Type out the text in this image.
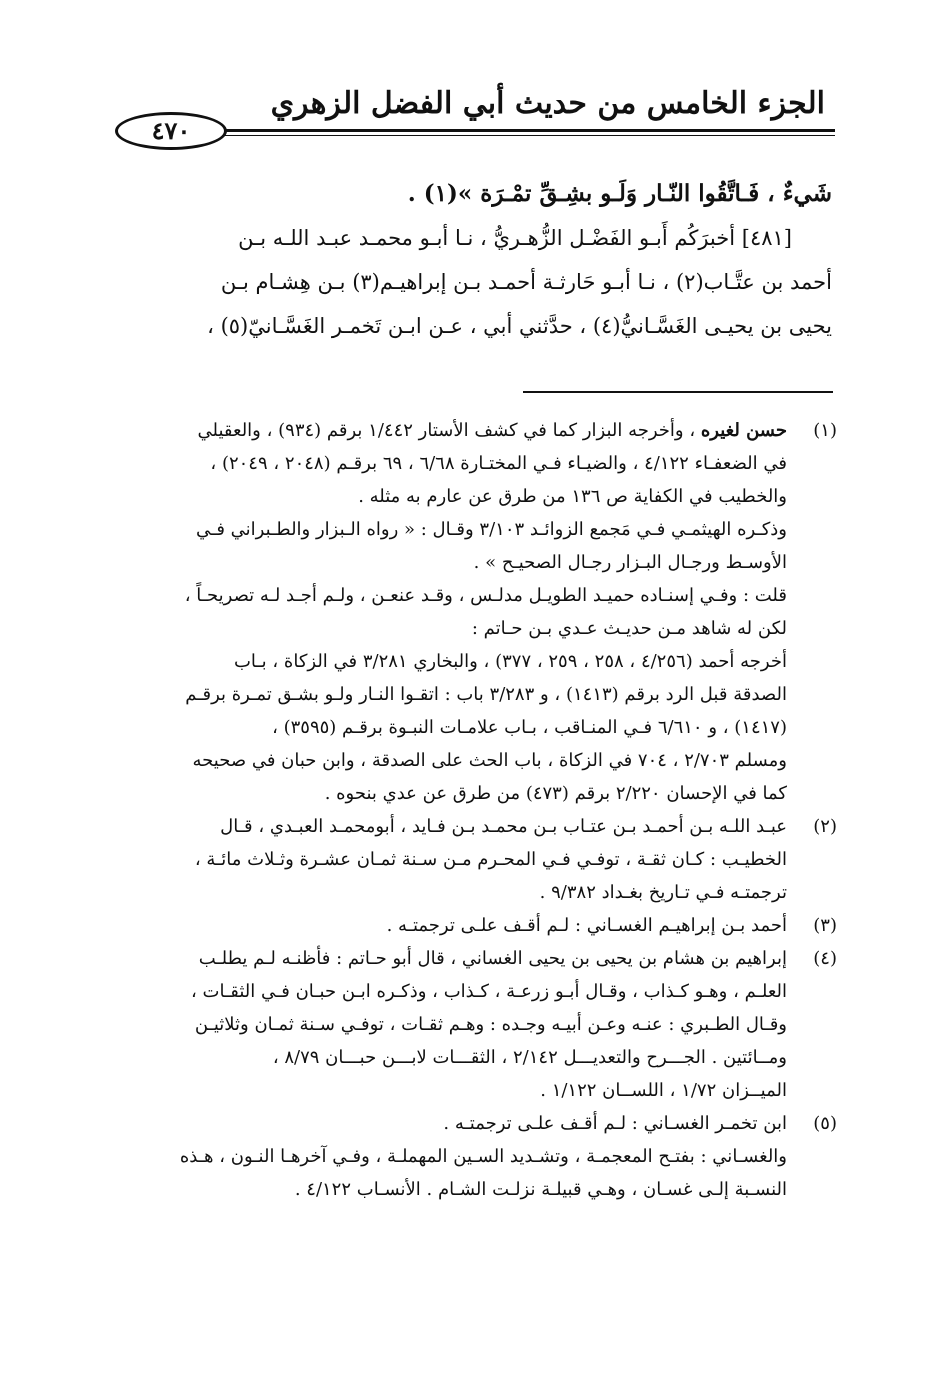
الجزء الخامس من حديث أبي الفضل الزهري
٤٧٠
شَيءٌ ، فَـاتَّقُوا النّـار وَلَـو بشِـقِّ تمْـرَة »(١) .
[٤٨١] أخبرَكُم أَبـو الفَضْـل الزُّهـريُّ ، نـا أبـو محمـد عبـد اللـه بـن
أحمد بن عتَّـاب(٢) ، نـا أبـو حَارثـة أحمـد بـن إبراهيـم(٣) بـن هِشـام بـن
يحيى بن يحيـى الغَسَّـانيُّ(٤) ، حدَّثني أبي ، عـن ابـن تَخمـر الغَسَّـانيّ(٥) ،
(١)
حسن لغيره ، وأخرجه البزار كما في كشف الأستار ١/٤٤٢ برقم (٩٣٤) ، والعقيلي
في الضعفـاء ٤/١٢٢ ، والضيـاء فـي المختـارة ٦/٦٨ ، ٦٩ برقـم (٢٠٤٨ ، ٢٠٤٩) ،
والخطيب في الكفاية ص ١٣٦ من طرق عن عارم به مثله .
وذكـره الهيثمـي فـي مَجمع الزوائـد ٣/١٠٣ وقـال : « رواه الـبزار والطـبراني فـي
الأوسـط ورجـال البـزار رجـال الصحيـح » .
قلت : وفـي إسنـاده حميـد الطويـل مدلـس ، وقـد عنعـن ، ولـم أجـد لـه تصريحـاً ،
لكن له شاهد مـن حديـث عـدي بـن حـاتم :
أخرجه أحمد (٤/٢٥٦ ، ٢٥٨ ، ٢٥٩ ، ٣٧٧) ، والبخاري ٣/٢٨١ في الزكاة ، بـاب
الصدقة قبل الرد برقم (١٤١٣) ، و ٣/٢٨٣ باب : اتقـوا النـار ولـو بشـق تمـرة برقـم
(١٤١٧) ، و ٦/٦١٠ فـي المنـاقب ، بـاب علامـات النبـوة برقـم (٣٥٩٥) ،
ومسلم ٢/٧٠٣ ، ٧٠٤ في الزكاة ، باب الحث على الصدقة ، وابن حبان في صحيحه
كما في الإحسان ٢/٢٢٠ برقم (٤٧٣) من طرق عن عدي بنحوه .
(٢)
عبـد اللـه بـن أحمـد بـن عتـاب بـن محمـد بـن فـايد ، أبومحمـد العبـدي ، قـال
الخطيـب : كـان ثقـة ، توفـي فـي المحـرم مـن سـنة ثمـان عشـرة وثـلاث مائـة ،
ترجمتـه فـي تـاريخ بغـداد ٩/٣٨٢ .
(٣)
أحمد بـن إبراهيـم الغسـاني : لـم أقـف علـى ترجمتـه .
(٤)
إبراهيم بن هشام بن يحيى بن يحيى الغساني ، قال أبو حـاتم : فأظنـه لـم يطلـب
العلـم ، وهـو كـذاب ، وقـال أبـو زرعـة ، كـذاب ، وذكـره ابـن حبـان فـي الثقـات ،
وقـال الطـبري : عنـه وعـن أبيـه وجـده : وهـم ثقـات ، توفـي سـنة ثمـان وثلاثيـن
ومــائتين . الجـــرح والتعديـــل ٢/١٤٢ ، الثقـــات لابـــن حبـــان ٨/٧٩ ،
الميــزان ١/٧٢ ، اللســان ١/١٢٢ .
(٥)
ابن تخمـر الغسـاني : لـم أقـف علـى ترجمتـه .
والغسـاني : بفتـح المعجمـة ، وتشـديد السـين المهملـة ، وفـي آخرهـا النـون ، هـذه
النسـبة إلـى غسـان ، وهـي قبيلـة نزلـت الشـام . الأنسـاب ٤/١٢٢ .
